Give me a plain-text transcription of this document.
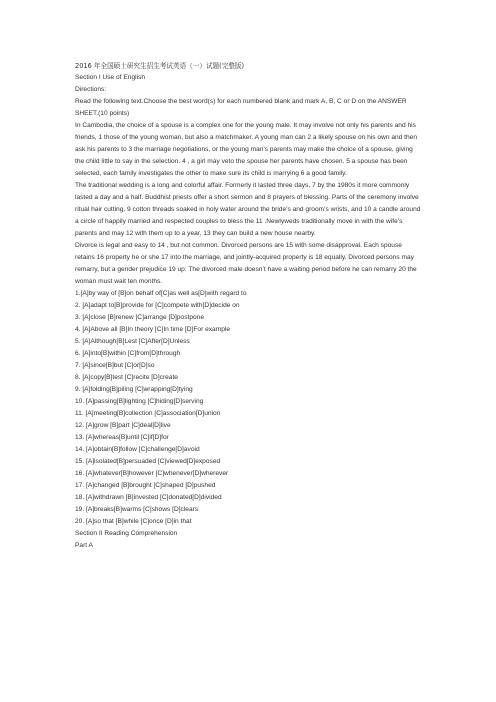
2016 年全国硕士研究生招生考试英语（一）试题(完整版)

Section I Use of English

Directions:

Read the following text.Choose the best word(s) for each numbered blank and mark A, B, C or D on the ANSWER SHEET.(10 points)

In Cambodia, the choice of a spouse is a complex one for the young male. It may involve not only his parents and his friends, 1 those of the young woman, but also a matchmaker. A young man can 2 a likely spouse on his own and then ask his parents to 3 the marriage negotiations, or the young man’s parents may make the choice of a spouse, giving the child little to say in the selection. 4 , a girl may veto the spouse her parents have chosen. 5 a spouse has been selected, each family investigates the other to make sure its child is marrying 6 a good family.

The traditional wedding is a long and colorful affair. Formerly it lasted three days, 7 by the 1980s it more commonly lasted a day and a half. Buddhist priests offer a short sermon and 8 prayers of blessing. Parts of the ceremony involve ritual hair cutting, 9 cotton threads soaked in holy water around the bride’s and groom’s wrists, and 10 a candle around a circle of happily married and respected couples to bless the 11 .Newlyweds traditionally move in with the wife’s parents and may 12 with them up to a year, 13 they can build a new house nearby.

Divorce is legal and easy to 14 , but not common. Divorced persons are 15 with some disapproval. Each spouse retains 16 property he or she 17 into the marriage, and jointly-acquired property is 18 equally. Divorced persons may remarry, but a gender prejudice 19 up: The divorced male doesn’t have a waiting period before he can remarry 20 the woman must wait ten months.

1.[A]by way of [B]on behalf of[C]as well as[D]with regard to

2. [A]adapt to[B]provide for [C]compete with[D]decide on

3. [A]close [B]renew [C]arrange [D]postpone

4. [A]Above all [B]In theory [C]In time [D]For example

5. [A]Although[B]Lest [C]After[D]Unless

6. [A]into[B]within [C]from[D]through

7. [A]since[B]but [C]or[D]so

8. [A]copy[B]test [C]recite [D]create

9. [A]folding[B]piling [C]wrapping[D]tying

10. [A]passing[B]lighting [C]hiding[D]serving

11. [A]meeting[B]collection [C]association[D]union

12. [A]grow [B]part [C]deal[D]live

13. [A]whereas[B]until [C]if[D]for

14. [A]obtain[B]follow [C]challenge[D]avoid

15. [A]isolated[B]persuaded [C]viewed[D]exposed

16. [A]whatever[B]however [C]whenever[D]wherever

17. [A]changed [B]brought [C]shaped [D]pushed

18. [A]withdrawn [B]invested [C]donated[D]divided

19. [A]breaks[B]warms [C]shows [D]clears

20. [A]so that [B]while [C]once [D]in that

Section II Reading Comprehension

Part A
